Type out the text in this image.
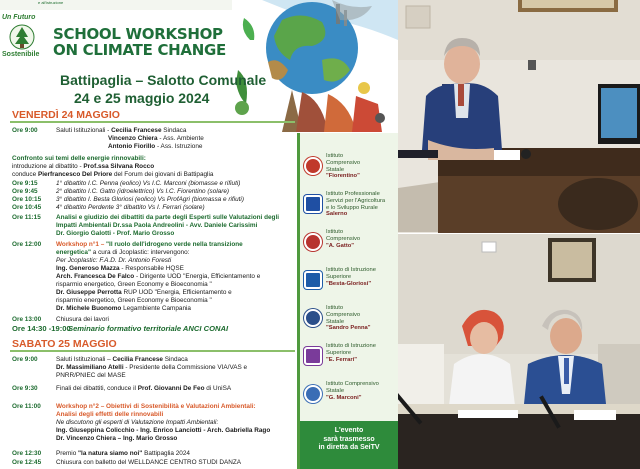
e all'istruzione
Un Futuro
Sostenibile
SCHOOL WORKSHOP
ON CLIMATE CHANGE
Battipaglia – Salotto Comunale
24 e 25 maggio 2024
VENERDÌ 24 MAGGIO
Ore 9:00	Saluti Istituzionali - Cecilia Francese Sindaca
Vincenzo Chiera - Ass. Ambiente
Antonio Fiorillo - Ass. Istruzione
Confronto sui temi delle energie rinnovabili:
introduzione al dibattito - Prof.ssa Silvana Rocco
conduce Pierfrancesco Del Priore del Forum dei giovani di Battipaglia
Ore 9:15	1° dibattito I.C. Penna (eolico) Vs I.C. Marconi (biomasse e rifiuti)
Ore 9:45	2° dibattito I.C. Gatto (idroelettrico) Vs I.C. Fiorentino (solare)
Ore 10:15	3° dibattito I. Besta Gloriosi (eolico) Vs ProfAgri (biomassa e rifiuti)
Ore 10:45	4° dibattito Perdente 3° dibattito Vs I. Ferrari (solare)
Ore 11:15	Analisi e giudizio dei dibattiti da parte degli Esperti sulle Valutazioni degli
Impatti Ambientali Dr.ssa Paola Andreolini - Avv. Daniele Carissimi
Dr. Giorgio Galotti - Prof. Mario Grosso
Ore 12:00	Workshop n°1 – "Il ruolo dell'idrogeno verde nella transizione
energetica" a cura di Jcoplastic: intervengono:
Per Jcoplastic: F.A.D. Dr. Antonio Foresti
Ing. Generoso Mazza - Responsabile HQSE
Arch. Francesca De Falco - Dirigente UOD "Energia, Efficientamento e
risparmio energetico, Green Economy e Bioeconomia "
Dr. Giuseppe Perrotta RUP UOD "Energia, Efficientamento e
risparmio energetico, Green Economy e Bioeconomia "
Dr. Michele Buonomo Legambiente Campania
Ore 13:00	Chiusura dei lavori
Ore 14:30 -19:00
Seminario formativo territoriale ANCI CONAI
SABATO 25 MAGGIO
Ore 9:00	Saluti Istituzionali – Cecilia Francese Sindaca
Dr. Massimiliano Atelli - Presidente della Commissione VIA/VAS e
PNRR/PNIEC del MASE
Ore 9:30	Finali dei dibattiti, conduce il Prof. Giovanni De Feo di UniSA
Ore 11:00	Workshop n°2 – Obiettivi di Sostenibilità e Valutazioni Ambientali:
Analisi degli effetti delle rinnovabili
Ne discutono gli esperti di Valutazione Impatti Ambientali:
Ing. Giuseppina Colicchio - Ing. Enrico Lanciotti - Arch. Gabriella Rago
Dr. Vincenzo Chiera – Ing. Mario Grosso
Ore 12:30	Premio "la natura siamo noi" Battipaglia 2024
Ore 12:45	Chiusura con balletto del WELLDANCE CENTRO STUDI DANZA
Istituto
Comprensivo
Statale
"Fiorentino"
Istituto Professionale
Servizi per l'Agricoltura
e lo Sviluppo Rurale
Salerno
Istituto
Comprensivo
"A. Gatto"
Istituto di Istruzione
Superiore
"Besta-Gloriosi"
Istituto
Comprensivo
Statale
"Sandro Penna"
Istituto di Istruzione
Superiore
"E. Ferrari"
Istituto Comprensivo
Statale
"G. Marconi"
L'evento
sarà trasmesso
in diretta da SeiTV
